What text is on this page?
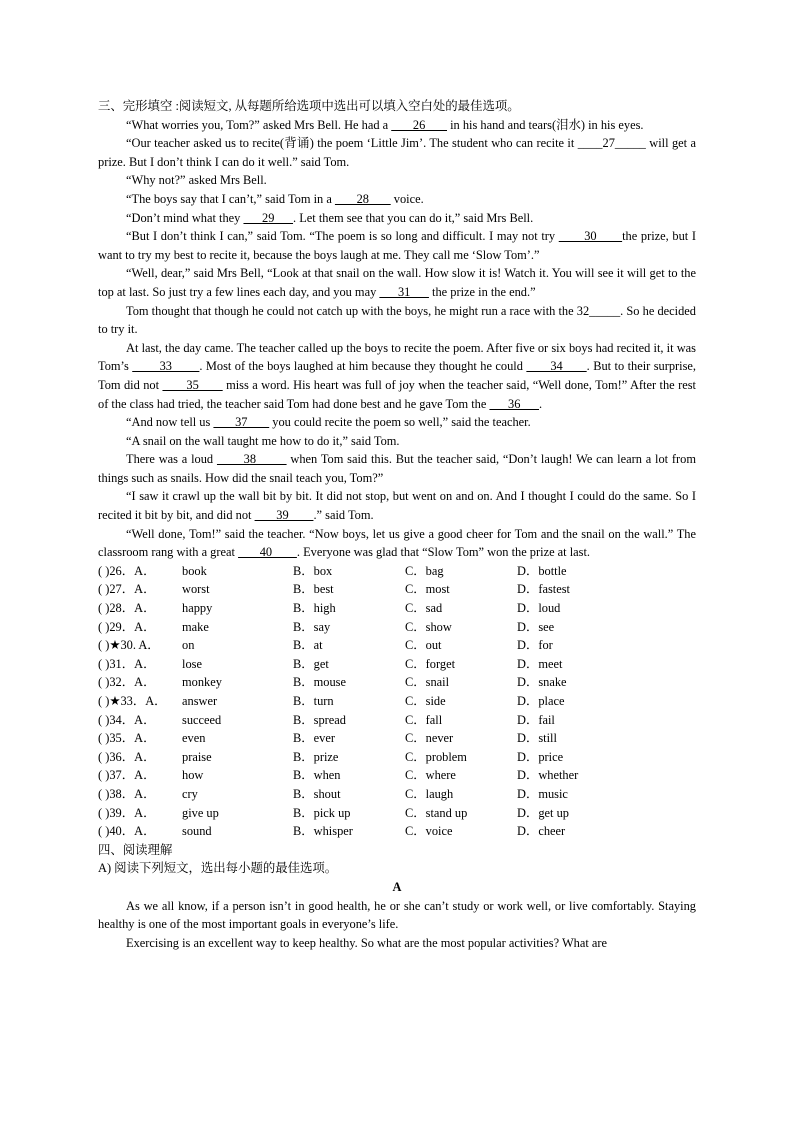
三、完形填空 :阅读短文, 从每题所给选项中选出可以填入空白处的最佳选项。

“What worries you, Tom?” asked Mrs Bell. He had a        26        in his hand and tears(泪水) in his eyes.

“Our teacher asked us to recite(背诵) the poem ‘Little Jim’. The student who can recite it ____27_____ will get a prize. But I don’t think I can do it well.” said Tom.

“Why not?” asked Mrs Bell.

“The boys say that I can’t,” said Tom in a        28        voice.

“Don’t mind what they       29      . Let them see that you can do it,” said Mrs Bell.

“But I don’t think I can,” said Tom. “The poem is so long and difficult. I may not try        30       the prize, but I want to try my best to recite it, because the boys laugh at me. They call me ‘Slow Tom’.”

“Well, dear,” said Mrs Bell, “Look at that snail on the wall. How slow it is! Watch it. You will see it will get to the top at last. So just try a few lines each day, and you may       31       the prize in the end.”

Tom thought that though he could not catch up with the boys, he might run a race with the 32_____. So he decided to try it.

At last, the day came. The teacher called up the boys to recite the poem. After five or six boys had recited it, it was Tom’s         33        . Most of the boys laughed at him because they thought he could        34       . But to their surprise, Tom did not        35        miss a word. His heart was full of joy when the teacher said, “Well done, Tom!” After the rest of the class had tried, the teacher said Tom had done best and he gave Tom the       36      .

“And now tell us        37        you could recite the poem so well,” said the teacher.

“A snail on the wall taught me how to do it,” said Tom.

There was a loud        38         when Tom said this. But the teacher said, “Don’t laugh! We can learn a lot from things such as snails. How did the snail teach you, Tom?”

“I saw it crawl up the wall bit by bit. It did not stop, but went on and on. And I thought I could do the same. So I recited it bit by bit, and did not        39        .” said Tom.

“Well done, Tom!” said the teacher. “Now boys, let us give a good cheer for Tom and the snail on the wall.” The classroom rang with a great        40        . Everyone was glad that “Slow Tom” won the prize at last.

( )26．A．	book	B．box	C．bag	D．bottle
( )27．A．	worst	B．best	C．most	D．fastest
( )28．A．	happy	B．high	C．sad	D．loud
( )29．A．	make	B．say	C．show	D．see
( )★30. A．	on	B．at	C．out	D．for
( )31．A．	lose	B．get	C．forget	D．meet
( )32．A．	monkey	B．mouse	C．snail	D．snake
( )★33．A．	answer	B．turn	C．side	D．place
( )34．A．	succeed	B．spread	C．fall	D．fail
( )35．A．	even	B．ever	C．never	D．still
( )36．A．	praise	B．prize	C．problem	D．price
( )37．A．	how	B．when	C．where	D．whether
( )38．A．	cry	B．shout	C．laugh	D．music
( )39．A．	give up	B．pick up	C．stand up	D．get up
( )40．A．	sound	B．whisper	C．voice	D．cheer
四、阅读理解
A) 阅读下列短文，选出每小题的最佳选项。
A

As we all know, if a person isn’t in good health, he or she can’t study or work well, or live comfortably. Staying healthy is one of the most important goals in everyone’s life.

Exercising is an excellent way to keep healthy. So what are the most popular activities? What are
